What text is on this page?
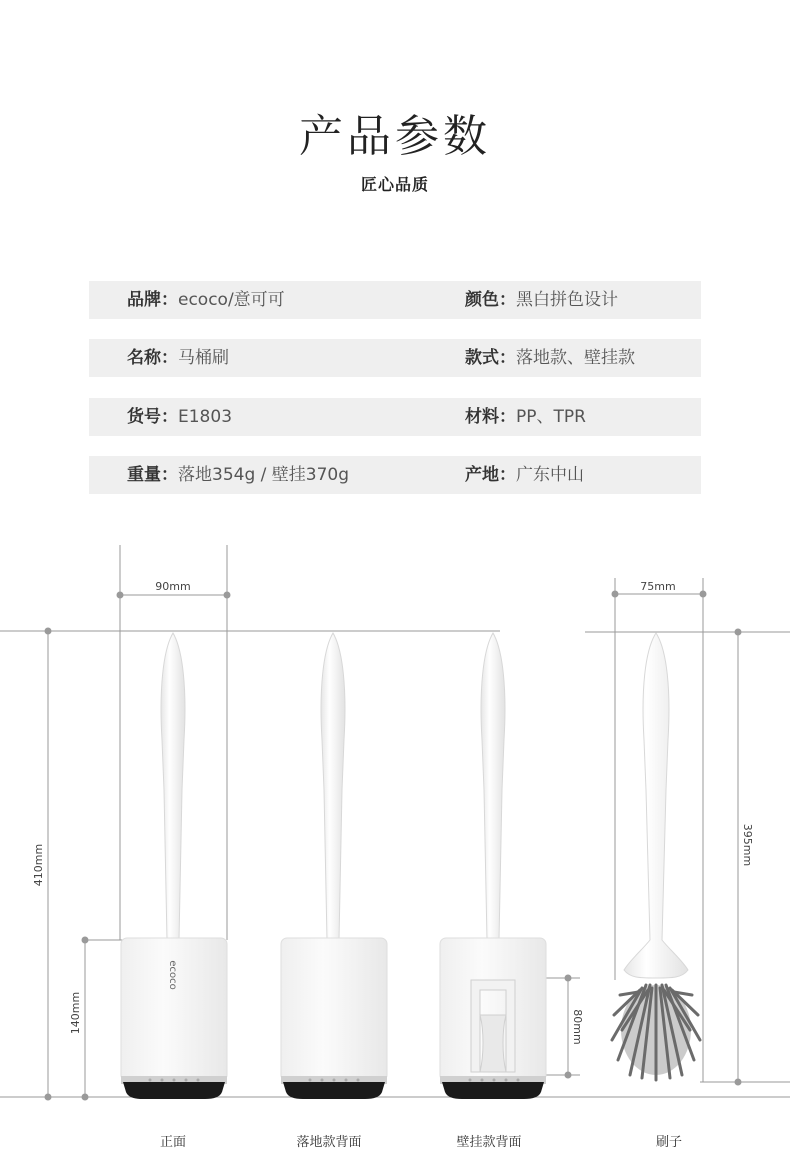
产品参数
匠心品质
品牌：ecoco/意可可	颜色：黑白拼色设计
名称：马桶刷	款式：落地款、壁挂款
货号：E1803	材料：PP、TPR
重量：落地354g / 壁挂370g	产地：广东中山
90mm	75mm
410mm
140mm	80mm
395mm
ecoco
正面	落地款背面	壁挂款背面	刷子
